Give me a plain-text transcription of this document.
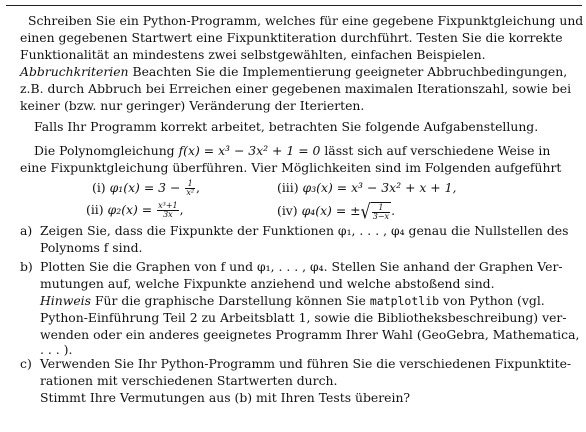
Schreiben Sie ein Python-Programm, welches für eine gegebene Fixpunktgleichung und
einen gegebenen Startwert eine Fixpunktiteration durchführt. Testen Sie die korrekte
Funktionalität an mindestens zwei selbstgewählten, einfachen Beispielen.
Abbruchkriterien Beachten Sie die Implementierung geeigneter Abbruchbedingungen,
z.B. durch Abbruch bei Erreichen einer gegebenen maximalen Iterationszahl, sowie bei
keiner (bzw. nur geringer) Veränderung der Iterierten.
Falls Ihr Programm korrekt arbeitet, betrachten Sie folgende Aufgabenstellung.
Die Polynomgleichung f(x) = x³ − 3x² + 1 = 0 lässt sich auf verschiedene Weise in
eine Fixpunktgleichung überführen. Vier Möglichkeiten sind im Folgenden aufgeführt
(i) $\varphi_1(x) = 3 - \frac{1}{\text{x²}}$ ,	(iii) φ₃(x) = x³ − 3x² + x + 1,
(ii) $\varphi_2(x) = \frac{\text{x³+1}}{3x}$ ,	(iv) φ₄(x) = ±√ $\frac{1}{3-x}$ .
a) Zeigen Sie, dass die Fixpunkte der Funktionen φ₁, . . . , φ₄ genau die Nullstellen des
Polynoms f sind.
b) Plotten Sie die Graphen von f und φ₁, . . . , φ₄. Stellen Sie anhand der Graphen Ver-
mutungen auf, welche Fixpunkte anziehend und welche abstoßend sind.
Hinweis Für die graphische Darstellung können Sie matplotlib von Python (vgl.
Python-Einführung Teil 2 zu Arbeitsblatt 1, sowie die Bibliotheksbeschreibung) ver-
wenden oder ein anderes geeignetes Programm Ihrer Wahl (GeoGebra, Mathematica,
. . . ).
c) Verwenden Sie Ihr Python-Programm und führen Sie die verschiedenen Fixpunktite-
rationen mit verschiedenen Startwerten durch.
Stimmt Ihre Vermutungen aus (b) mit Ihren Tests überein?
